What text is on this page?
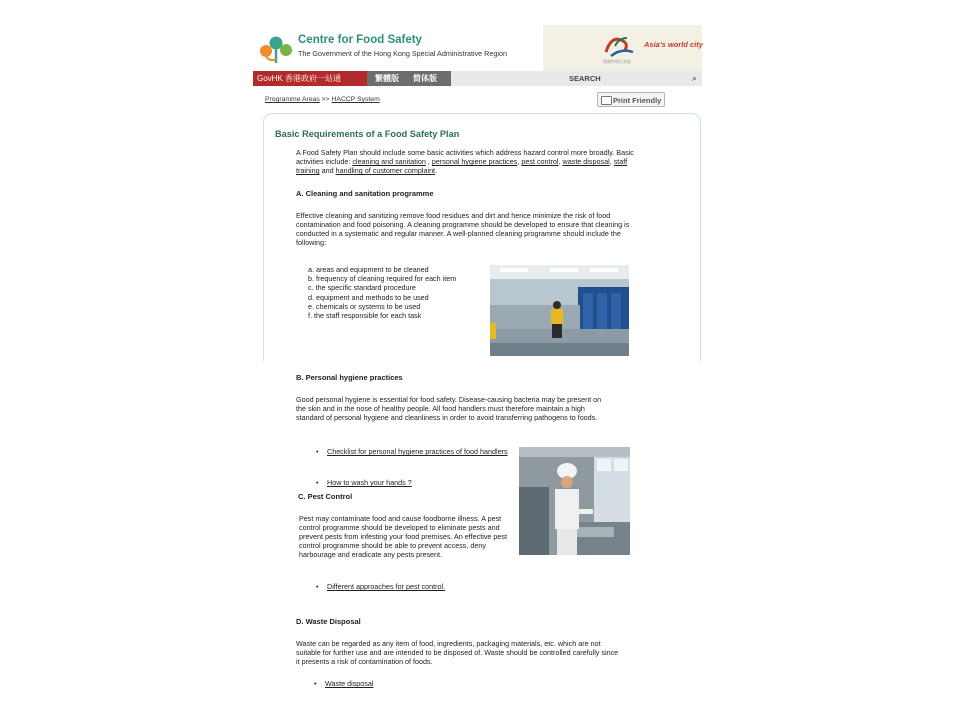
Centre for Food Safety
The Government of the Hong Kong Special Administrative Region
香港特別行政區
Asia's world city
GovHK 香港政府一站通	繁體版 简体版	SEARCH	⌕
Programme Areas >> HACCP System	Print Friendly
Basic Requirements of a Food Safety Plan
A Food Safety Plan should include some basic activities which address hazard control more broadly. Basic activities include: cleaning and sanitation , personal hygiene practices, pest control, waste disposal, staff training and handling of customer complaint.
A. Cleaning and sanitation programme
Effective cleaning and sanitizing remove food residues and dirt and hence minimize the risk of food contamination and food poisoning. A cleaning programme should be developed to ensure that cleaning is conducted in a systematic and regular manner. A well-planned cleaning programme should include the following:
a. areas and equipment to be cleaned
b. frequency of cleaning required for each item
c. the specific standard procedure
d. equipment and methods to be used
e. chemicals or systems to be used
f. the staff responsible for each task
B. Personal hygiene practices
Good personal hygiene is essential for food safety. Disease-causing bacteria may be present on the skin and in the nose of healthy people. All food handlers must therefore maintain a high standard of personal hygiene and cleanliness in order to avoid transferring pathogens to foods.
• Checklist for personal hygiene practices of food handlers
• How to wash your hands ?
C. Pest Control
Pest may contaminate food and cause foodborne illness. A pest control programme should be developed to eliminate pests and prevent pests from infesting your food premises. An effective pest control programme should be able to prevent access, deny harbourage and eradicate any pests present.
• Different approaches for pest control.
D. Waste Disposal
Waste can be regarded as any item of food, ingredients, packaging materials, etc. which are not suitable for further use and are intended to be disposed of. Waste should be controlled carefully since it presents a risk of contamination of foods.
• Waste disposal
